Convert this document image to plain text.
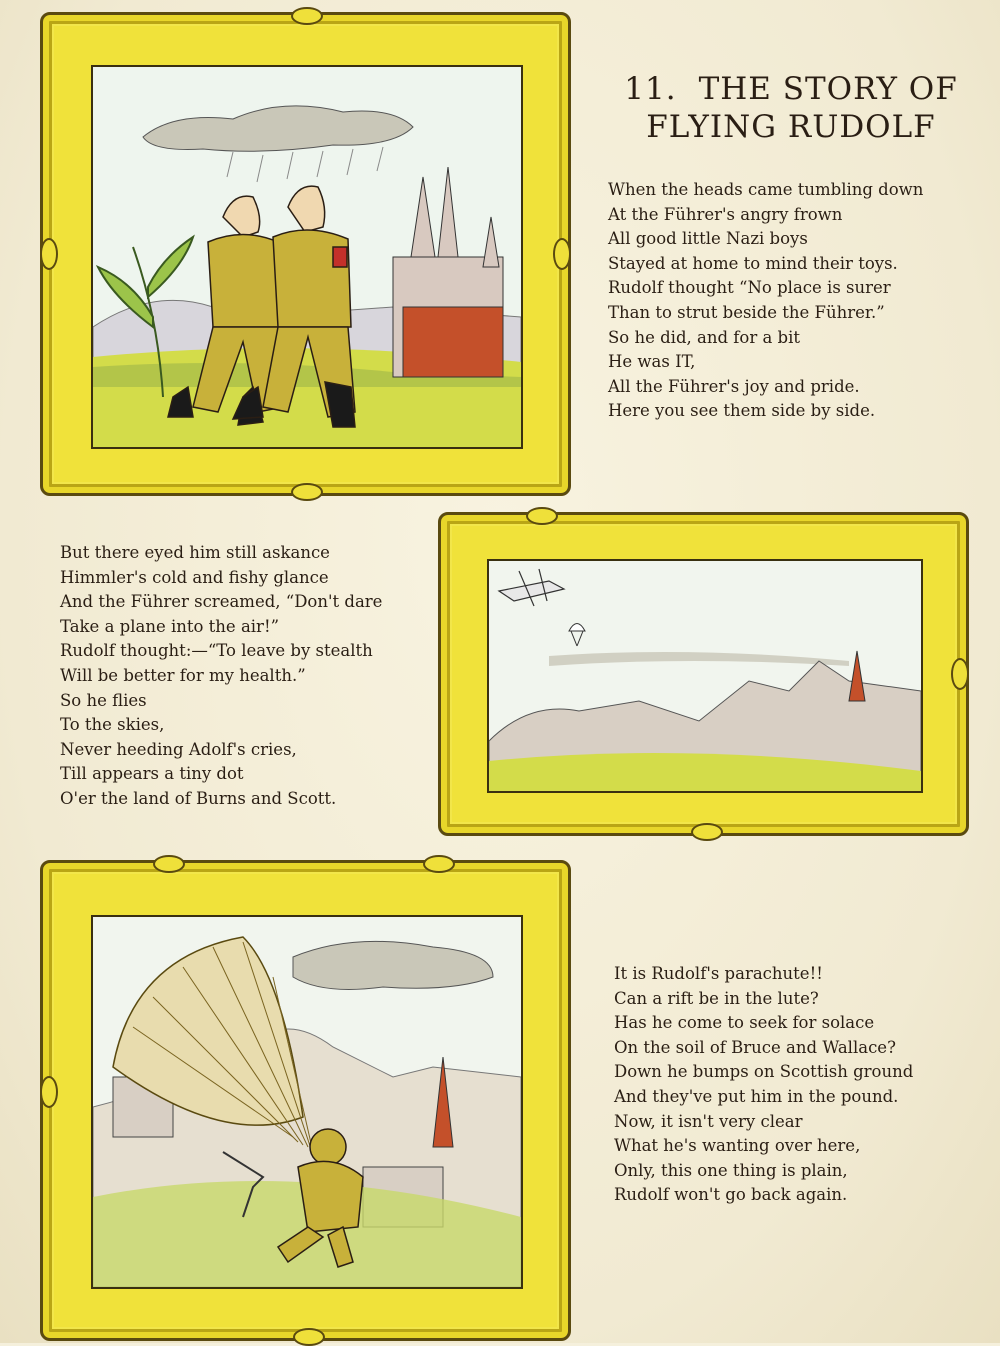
11. THE STORY OF
FLYING RUDOLF
When the heads came tumbling down
At the Führer's angry frown
All good little Nazi boys
Stayed at home to mind their toys.
Rudolf thought “No place is surer
Than to strut beside the Führer.”
So he did, and for a bit
He was IT,
All the Führer's joy and pride.
Here you see them side by side.
But there eyed him still askance
Himmler's cold and fishy glance
And the Führer screamed, “Don't dare
Take a plane into the air!”
Rudolf thought:—“To leave by stealth
Will be better for my health.”
So he flies
To the skies,
Never heeding Adolf's cries,
Till appears a tiny dot
O'er the land of Burns and Scott.
It is Rudolf's parachute!!
Can a rift be in the lute?
Has he come to seek for solace
On the soil of Bruce and Wallace?
Down he bumps on Scottish ground
And they've put him in the pound.
Now, it isn't very clear
What he's wanting over here,
Only, this one thing is plain,
Rudolf won't go back again.
